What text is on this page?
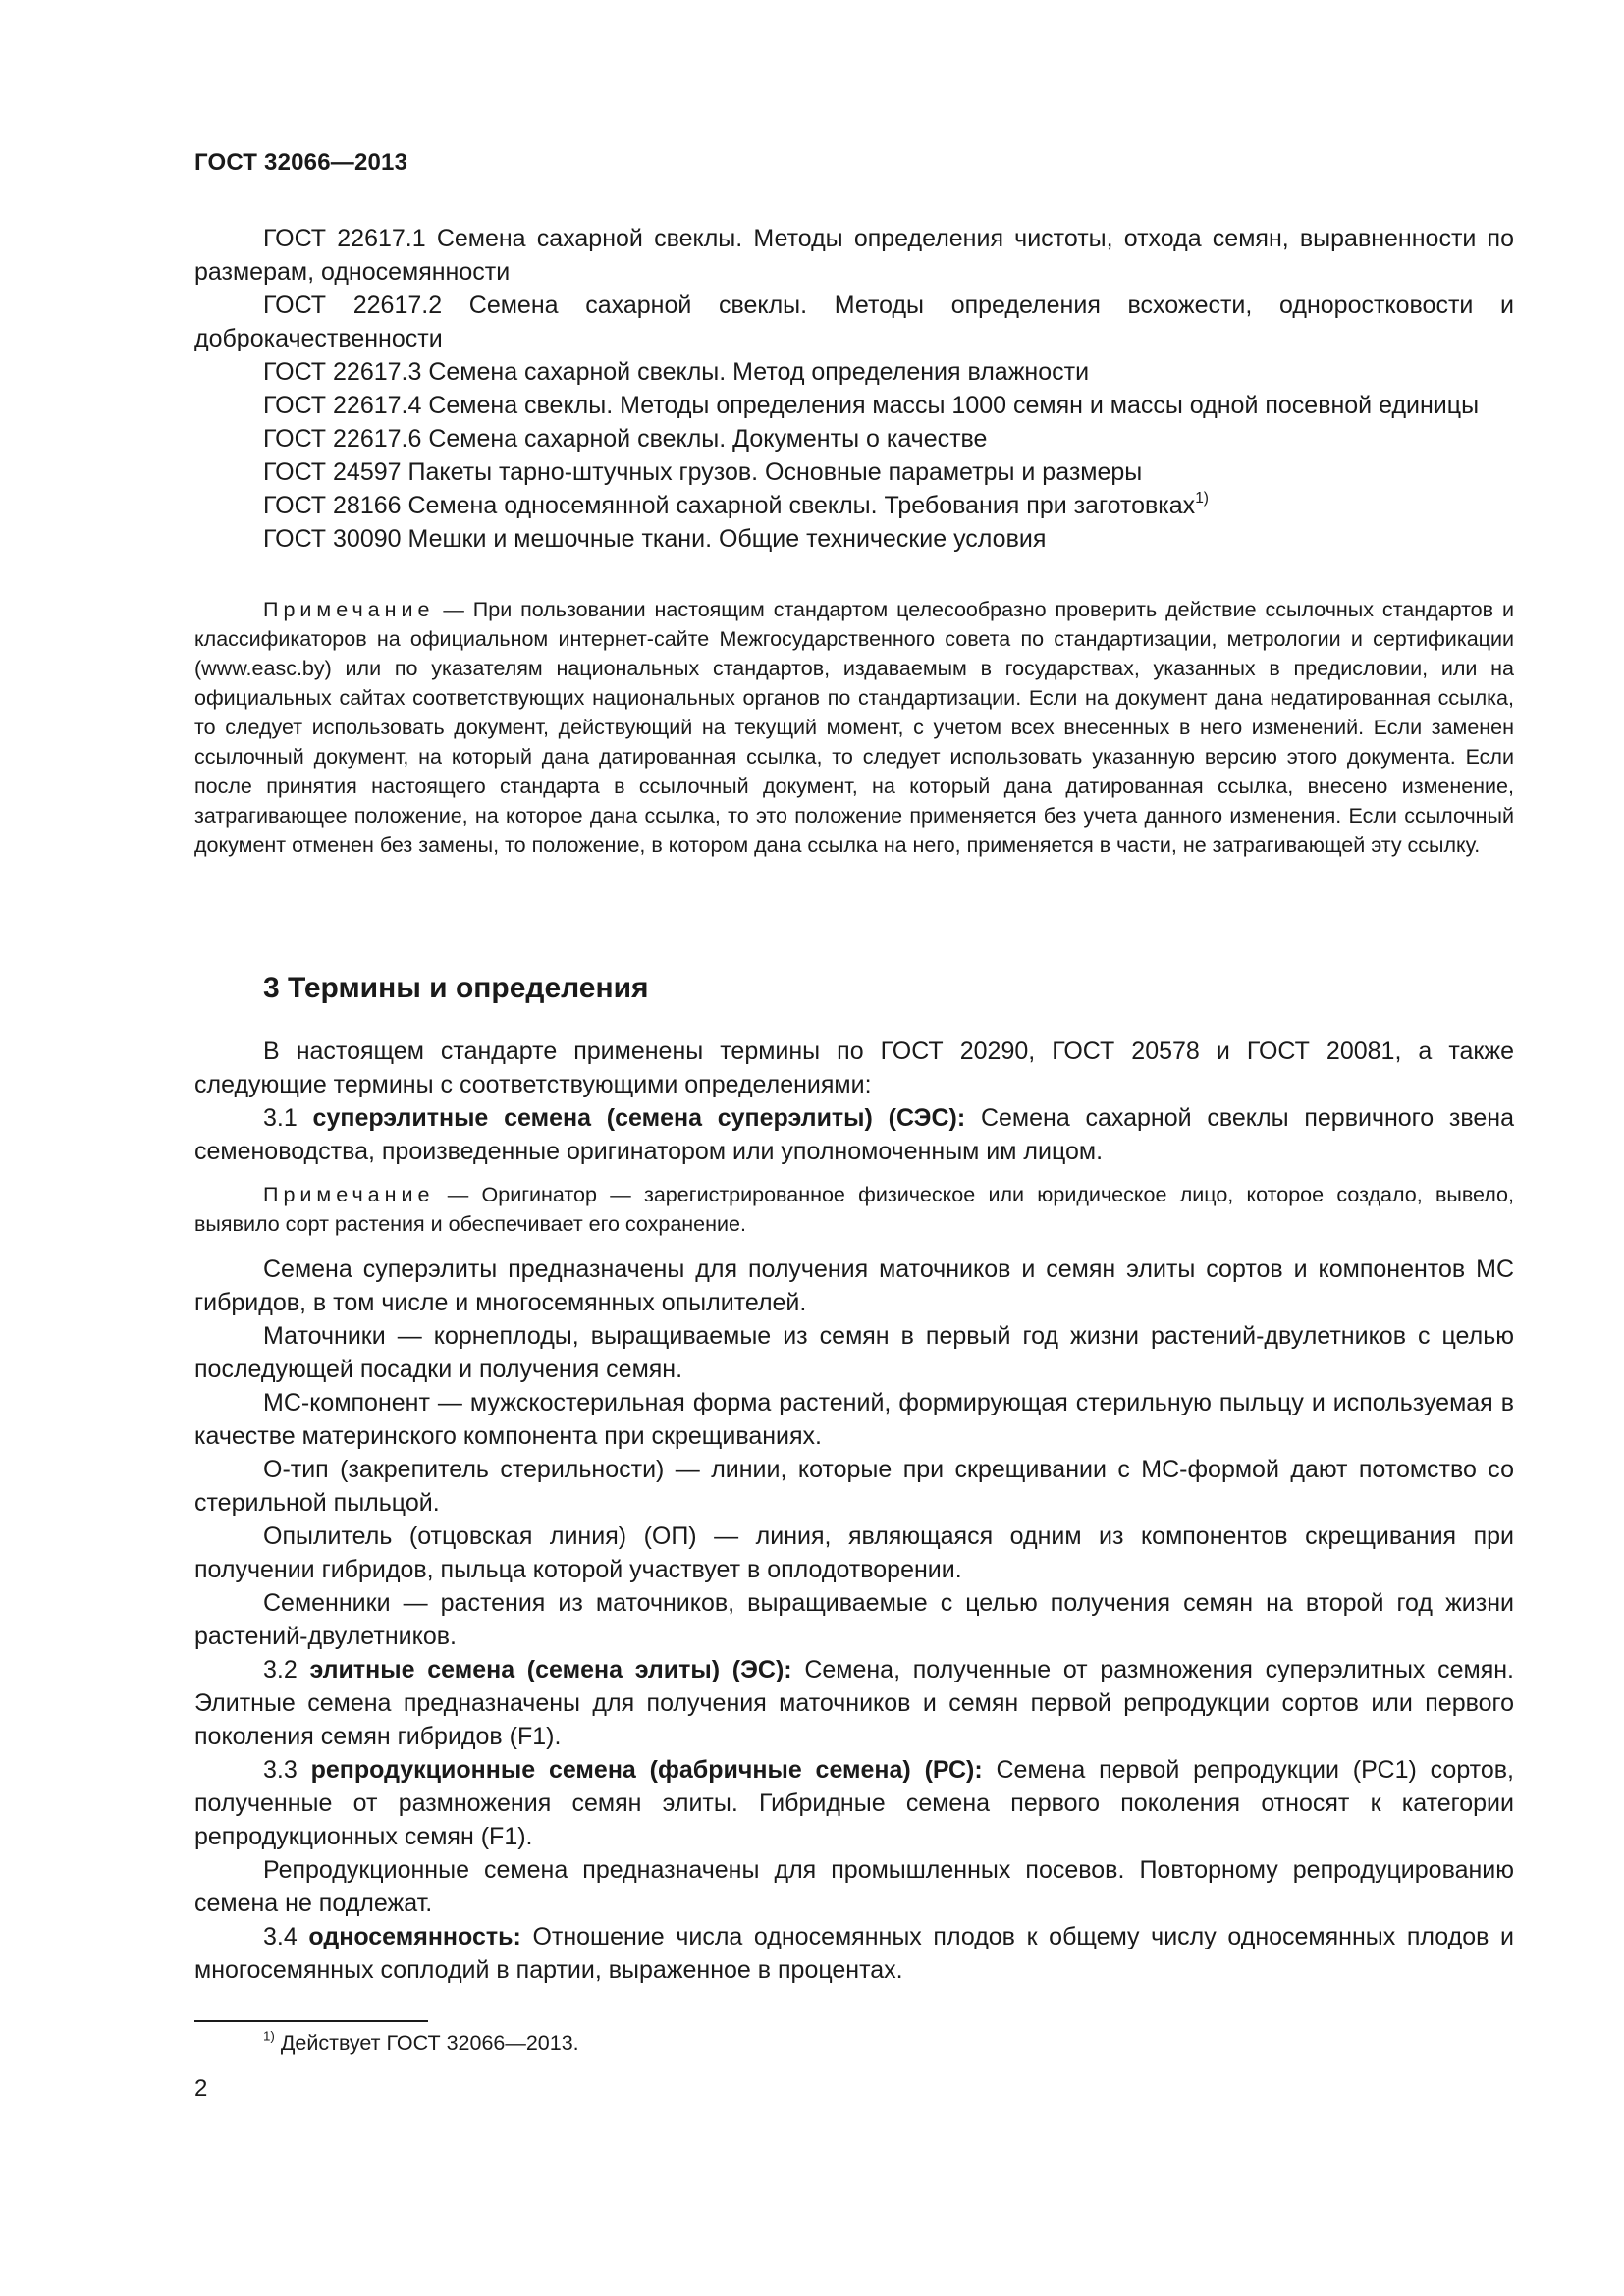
ГОСТ 32066—2013

ГОСТ 22617.1 Семена сахарной свеклы. Методы определения чистоты, отхода семян, выравненности по размерам, односемянности

ГОСТ 22617.2 Семена сахарной свеклы. Методы определения всхожести, одноростковости и доброкачественности

ГОСТ 22617.3 Семена сахарной свеклы. Метод определения влажности

ГОСТ 22617.4 Семена свеклы. Методы определения массы 1000 семян и массы одной посевной единицы

ГОСТ 22617.6 Семена сахарной свеклы. Документы о качестве

ГОСТ 24597 Пакеты тарно-штучных грузов. Основные параметры и размеры

ГОСТ 28166 Семена односемянной сахарной свеклы. Требования при заготовках$^{1)}$

ГОСТ 30090 Мешки и мешочные ткани. Общие технические условия

Примечание — При пользовании настоящим стандартом целесообразно проверить действие ссылочных стандартов и классификаторов на официальном интернет-сайте Межгосударственного совета по стандартизации, метрологии и сертификации (www.easc.by) или по указателям национальных стандартов, издаваемым в государствах, указанных в предисловии, или на официальных сайтах соответствующих национальных органов по стандартизации. Если на документ дана недатированная ссылка, то следует использовать документ, действующий на текущий момент, с учетом всех внесенных в него изменений. Если заменен ссылочный документ, на который дана датированная ссылка, то следует использовать указанную версию этого документа. Если после принятия настоящего стандарта в ссылочный документ, на который дана датированная ссылка, внесено изменение, затрагивающее положение, на которое дана ссылка, то это положение применяется без учета данного изменения. Если ссылочный документ отменен без замены, то положение, в котором дана ссылка на него, применяется в части, не затрагивающей эту ссылку.

3 Термины и определения

В настоящем стандарте применены термины по ГОСТ 20290, ГОСТ 20578 и ГОСТ 20081, а также следующие термины с соответствующими определениями:

3.1 суперэлитные семена (семена суперэлиты) (СЭС): Семена сахарной свеклы первичного звена семеноводства, произведенные оригинатором или уполномоченным им лицом.

Примечание — Оригинатор — зарегистрированное физическое или юридическое лицо, которое создало, вывело, выявило сорт растения и обеспечивает его сохранение.

Семена суперэлиты предназначены для получения маточников и семян элиты сортов и компонентов МС гибридов, в том числе и многосемянных опылителей.

Маточники — корнеплоды, выращиваемые из семян в первый год жизни растений-двулетников с целью последующей посадки и получения семян.

МС-компонент — мужскостерильная форма растений, формирующая стерильную пыльцу и используемая в качестве материнского компонента при скрещиваниях.

О-тип (закрепитель стерильности) — линии, которые при скрещивании с МС-формой дают потомство со стерильной пыльцой.

Опылитель (отцовская линия) (ОП) — линия, являющаяся одним из компонентов скрещивания при получении гибридов, пыльца которой участвует в оплодотворении.

Семенники — растения из маточников, выращиваемые с целью получения семян на второй год жизни растений-двулетников.

3.2 элитные семена (семена элиты) (ЭС): Семена, полученные от размножения суперэлитных семян. Элитные семена предназначены для получения маточников и семян первой репродукции сортов или первого поколения семян гибридов (F1).

3.3 репродукционные семена (фабричные семена) (РС): Семена первой репродукции (РС1) сортов, полученные от размножения семян элиты. Гибридные семена первого поколения относят к категории репродукционных семян (F1).

Репродукционные семена предназначены для промышленных посевов. Повторному репродуцированию семена не подлежат.

3.4 односемянность: Отношение числа односемянных плодов к общему числу односемянных плодов и многосемянных соплодий в партии, выраженное в процентах.

$^{1)}$ Действует ГОСТ 32066—2013.
2
